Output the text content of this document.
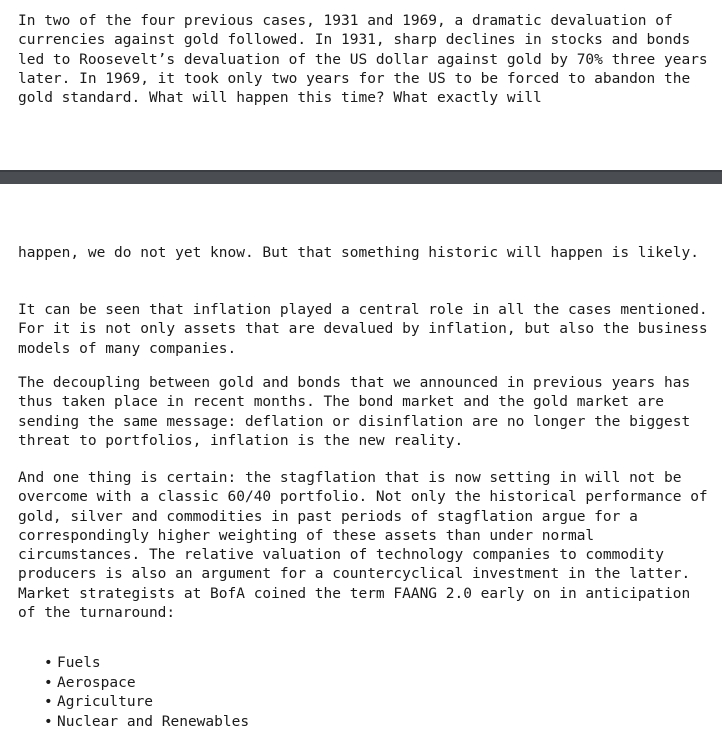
In two of the four previous cases, 1931 and 1969, a dramatic devaluation of currencies against gold followed. In 1931, sharp declines in stocks and bonds led to Roosevelt’s devaluation of the US dollar against gold by 70% three years later. In 1969, it took only two years for the US to be forced to abandon the gold standard. What will happen this time? What exactly will
happen, we do not yet know. But that something historic will happen is likely.
It can be seen that inflation played a central role in all the cases mentioned. For it is not only assets that are devalued by inflation, but also the business models of many companies.
The decoupling between gold and bonds that we announced in previous years has thus taken place in recent months. The bond market and the gold market are sending the same message: deflation or disinflation are no longer the biggest threat to portfolios, inflation is the new reality.
And one thing is certain: the stagflation that is now setting in will not be overcome with a classic 60/40 portfolio. Not only the historical performance of gold, silver and commodities in past periods of stagflation argue for a correspondingly higher weighting of these assets than under normal circumstances. The relative valuation of technology companies to commodity producers is also an argument for a countercyclical investment in the latter. Market strategists at BofA coined the term FAANG 2.0 early on in anticipation of the turnaround:
• Fuels
• Aerospace
• Agriculture
• Nuclear and Renewables
